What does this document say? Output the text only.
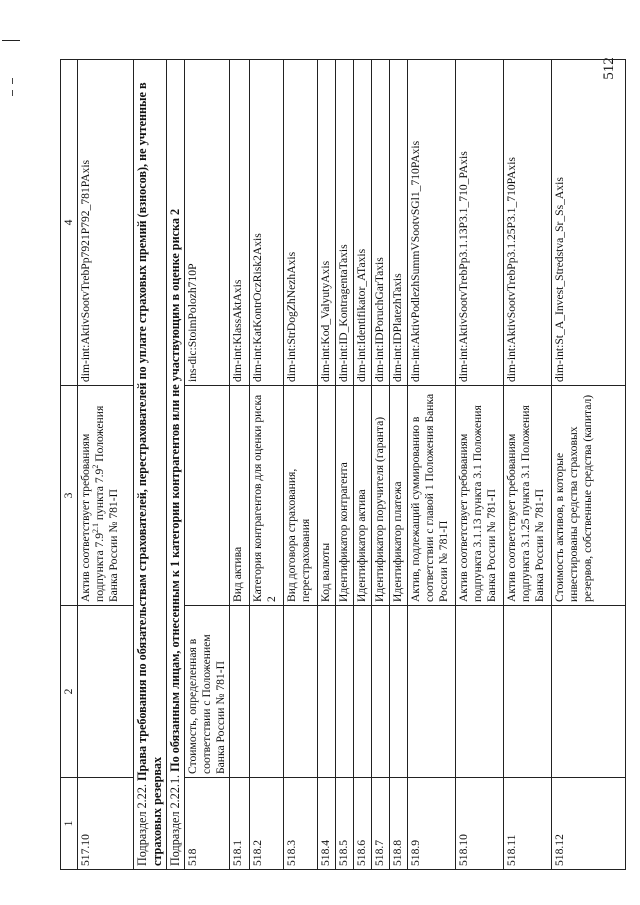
512
1	2	3	4
517.10		Актив соответствует требованиям подпункта $7.9^{2.1}$ пункта $7.9^2$ Положения Банка России № 781-П	dim-int:AktivSootvTrebPp7921P792_781PAxis
Подраздел 2.22. Права требования по обязательствам страхователей, перестрахователей по уплате страховых премий (взносов), не учтенные в страховых резервах			
Подраздел 2.22.1. По обязанным лицам, отнесенным к 1 категории контрагентов или не участвующим в оценке риска 2			
518	Стоимость, определенная в соответствии с Положением Банка России № 781-П		ins-dic:StoimPolozh710P
518.1		Вид актива	dim-int:KlassAktAxis
518.2		Категория контрагентов для оценки риска 2	dim-int:KatKontrOczRisk2Axis
518.3		Вид договора страхования, перестрахования	dim-int:StrDogZhNezhAxis
518.4		Код валюты	dim-int:Kod_ValyutyAxis
518.5		Идентификатор контрагента	dim-int:ID_KontragentaTaxis
518.6		Идентификатор актива	dim-int:Identifikator_ATaxis
518.7		Идентификатор поручителя (гаранта)	dim-int:IDPoruchGarTaxis
518.8		Идентификатор платежа	dim-int:IDPlatezhTaxis
518.9		Актив, подлежащий суммированию в соответствии с главой 1 Положения Банка России № 781-П	dim-int:AktivPodlezhSummVSootvSGl1_710PAxis
518.10		Актив соответствует требованиям подпункта 3.1.13 пункта 3.1 Положения Банка России № 781-П	dim-int:AktivSootvTrebPp3.1.13P3.1_710_PAxis
518.11		Актив соответствует требованиям подпункта 3.1.25 пункта 3.1 Положения Банка России № 781-П	dim-int:AktivSootvTrebPp3.1.25P3.1_710PAxis
518.12		Стоимость активов, в которые инвестированы средства страховых резервов, собственные средства (капитал)	dim-int:St_A_Invest_Stredstva_Sr_Ss_Axis
